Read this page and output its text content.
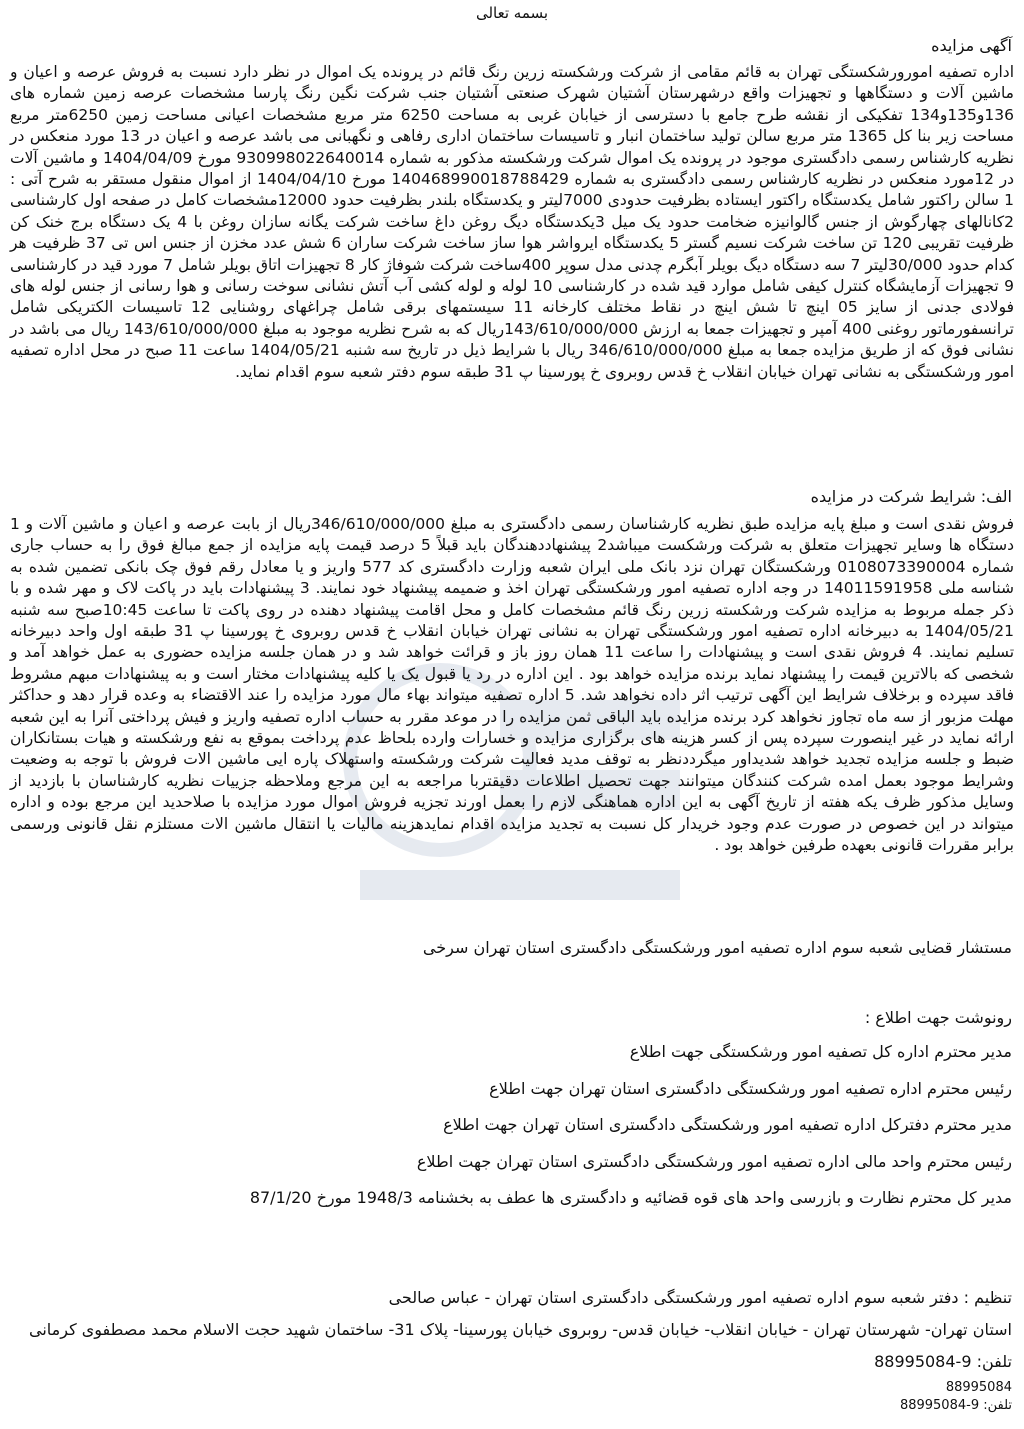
بسمه تعالی
آگهی مزایده

اداره تصفیه امورورشکستگی تهران به قائم مقامی از شرکت ورشکسته زرین رنگ قائم در پرونده یک اموال در نظر دارد نسبت به فروش عرصه و اعیان و ماشین آلات و دستگاهها و تجهیزات واقع درشهرستان آشتیان شهرک صنعتی آشتیان جنب شرکت نگین رنگ پارسا مشخصات عرصه زمین شماره های 136و135و134 تفکیکی از نقشه طرح جامع با دسترسی از خیابان غربی به مساحت 6250 متر مربع مشخصات اعیانی مساحت زمین 6250متر مربع مساحت زیر بنا کل 1365 متر مربع سالن تولید ساختمان انبار و تاسیسات ساختمان اداری رفاهی و نگهبانی می باشد عرصه و اعیان در 13 مورد منعکس در نظریه کارشناس رسمی دادگستری موجود در پرونده یک اموال شرکت ورشکسته مذکور به شماره 930998022640014 مورخ 1404/04/09 و ماشین آلات در 12مورد منعکس در نظریه کارشناس رسمی دادگستری به شماره 140468990018788429 مورخ 1404/04/10 از اموال منقول مستقر به شرح آتی : 1 سالن راکتور شامل یکدستگاه راکتور ایستاده بظرفیت حدودی 7000لیتر و یکدستگاه بلندر بظرفیت حدود 12000مشخصات کامل در صفحه اول کارشناسی 2کانالهای چهارگوش از جنس گالوانیزه ضخامت حدود یک میل 3یکدستگاه دیگ روغن داغ ساخت شرکت یگانه سازان روغن با 4 یک دستگاه برج خنک کن ظرفیت تقریبی 120 تن ساخت شرکت نسیم گستر 5 یکدستگاه ایرواشر هوا ساز ساخت شرکت ساران 6 شش عدد مخزن از جنس اس تی 37 ظرفیت هر کدام حدود 30/000لیتر 7 سه دستگاه دیگ بویلر آبگرم چدنی مدل سوپر 400ساخت شرکت شوفاژ کار 8 تجهیزات اتاق بویلر شامل 7 مورد قید در کارشناسی 9 تجهیزات آزمایشگاه کنترل کیفی شامل موارد قید شده در کارشناسی 10 لوله و لوله کشی آب آتش نشانی سوخت رسانی و هوا رسانی از جنس لوله های فولادی جدنی از سایز 05 اینچ تا شش اینچ در نقاط مختلف کارخانه 11 سیستمهای برقی شامل چراغهای روشنایی 12 تاسیسات الکتریکی شامل ترانسفورماتور روغنی 400 آمپر و تجهیزات جمعا به ارزش 143/610/000/000ریال که به شرح نظریه موجود به مبلغ 143/610/000/000 ریال می باشد در نشانی فوق که از طریق مزایده جمعا به مبلغ 346/610/000/000 ریال با شرایط ذیل در تاریخ سه شنبه 1404/05/21 ساعت 11 صبح در محل اداره تصفیه امور ورشکستگی به نشانی تهران خیابان انقلاب خ قدس روبروی خ پورسینا پ 31 طبقه سوم دفتر شعبه سوم اقدام نماید.

الف: شرایط شرکت در مزایده

فروش نقدی است و مبلغ پایه مزایده طبق نظریه کارشناسان رسمی دادگستری به مبلغ 346/610/000/000ریال از بابت عرصه و اعیان و ماشین آلات و 1 دستگاه ها وسایر تجهیزات متعلق به شرکت ورشکست میباشد2 پیشنهاددهندگان باید قبلاً 5 درصد قیمت پایه مزایده از جمع مبالغ فوق را به حساب جاری شماره 0108073390004 ورشکستگان تهران نزد بانک ملی ایران شعبه وزارت دادگستری کد 577 واریز و یا معادل رقم فوق چک بانکی تضمین شده به شناسه ملی 14011591958 در وجه اداره تصفیه امور ورشکستگی تهران اخذ و ضمیمه پیشنهاد خود نمایند. 3 پیشنهادات باید در پاکت لاک و مهر شده و با ذکر جمله مربوط به مزایده شرکت ورشکسته زرین رنگ قائم مشخصات کامل و محل اقامت پیشنهاد دهنده در روی پاکت تا ساعت 10:45صبح سه شنبه 1404/05/21 به دبیرخانه اداره تصفیه امور ورشکستگی تهران به نشانی تهران خیابان انقلاب خ قدس روبروی خ پورسینا پ 31 طبقه اول واحد دبیرخانه تسلیم نمایند. 4 فروش نقدی است و پیشنهادات را ساعت 11 همان روز باز و قرائت خواهد شد و در همان جلسه مزایده حضوری به عمل خواهد آمد و شخصی که بالاترین قیمت را پیشنهاد نماید برنده مزایده خواهد بود . این اداره در رد یا قبول یک یا کلیه پیشنهادات مختار است و به پیشنهادات مبهم مشروط فاقد سپرده و برخلاف شرایط این آگهی ترتیب اثر داده نخواهد شد. 5 اداره تصفیه میتواند بهاء مال مورد مزایده را عند الاقتضاء به وعده قرار دهد و حداکثر مهلت مزبور از سه ماه تجاوز نخواهد کرد برنده مزایده باید الباقی ثمن مزایده را در موعد مقرر به حساب اداره تصفیه واریز و فیش پرداختی آنرا به این شعبه ارائه نماید در غیر اینصورت سپرده پس از کسر هزینه های برگزاری مزایده و خسارات وارده بلحاظ عدم پرداخت بموقع به نفع ورشکسته و هیات بستانکاران ضبط و جلسه مزایده تجدید خواهد شدیداور میگرددنظر به توقف مدید فعالیت شرکت ورشکسته واستهلاک پاره ایی ماشین الات فروش با توجه به وضعیت وشرایط موجود بعمل امده شرکت کنندگان میتوانند جهت تحصیل اطلاعات دقیقتربا مراجعه به این مرجع وملاحظه جزییات نظریه کارشناسان با بازدید از وسایل مذکور ظرف یکه هفته از تاریخ آگهی به این اداره هماهنگی لازم را بعمل اورند تجزیه فروش اموال مورد مزایده با صلاحدید این مرجع بوده و اداره میتواند در این خصوص در صورت عدم وجود خریدار کل نسبت به تجدید مزایده اقدام نمایدهزینه مالیات یا انتقال ماشین الات مستلزم نقل قانونی ورسمی برابر مقررات قانونی بعهده طرفین خواهد بود .

مستشار قضایی شعبه سوم اداره تصفیه امور ورشکستگی دادگستری استان تهران سرخی
رونوشت جهت اطلاع :
مدیر محترم اداره کل تصفیه امور ورشکستگی جهت اطلاع
رئیس محترم اداره تصفیه امور ورشکستگی دادگستری استان تهران جهت اطلاع
مدیر محترم دفترکل اداره تصفیه امور ورشکستگی دادگستری استان تهران جهت اطلاع
رئیس محترم واحد مالی اداره تصفیه امور ورشکستگی دادگستری استان تهران جهت اطلاع
مدیر کل محترم نظارت و بازرسی واحد های قوه قضائیه و دادگستری ها عطف به بخشنامه 1948/3 مورخ 87/1/20
تنظیم : دفتر شعبه سوم اداره تصفیه امور ورشکستگی دادگستری استان تهران - عباس صالحی
استان تهران- شهرستان تهران - خیابان انقلاب- خیابان قدس- روبروی خیابان پورسینا- پلاک 31- ساختمان شهید حجت الاسلام محمد مصطفوی کرمانی
تلفن: 9-88995084
88995084
تلفن: 9-88995084
